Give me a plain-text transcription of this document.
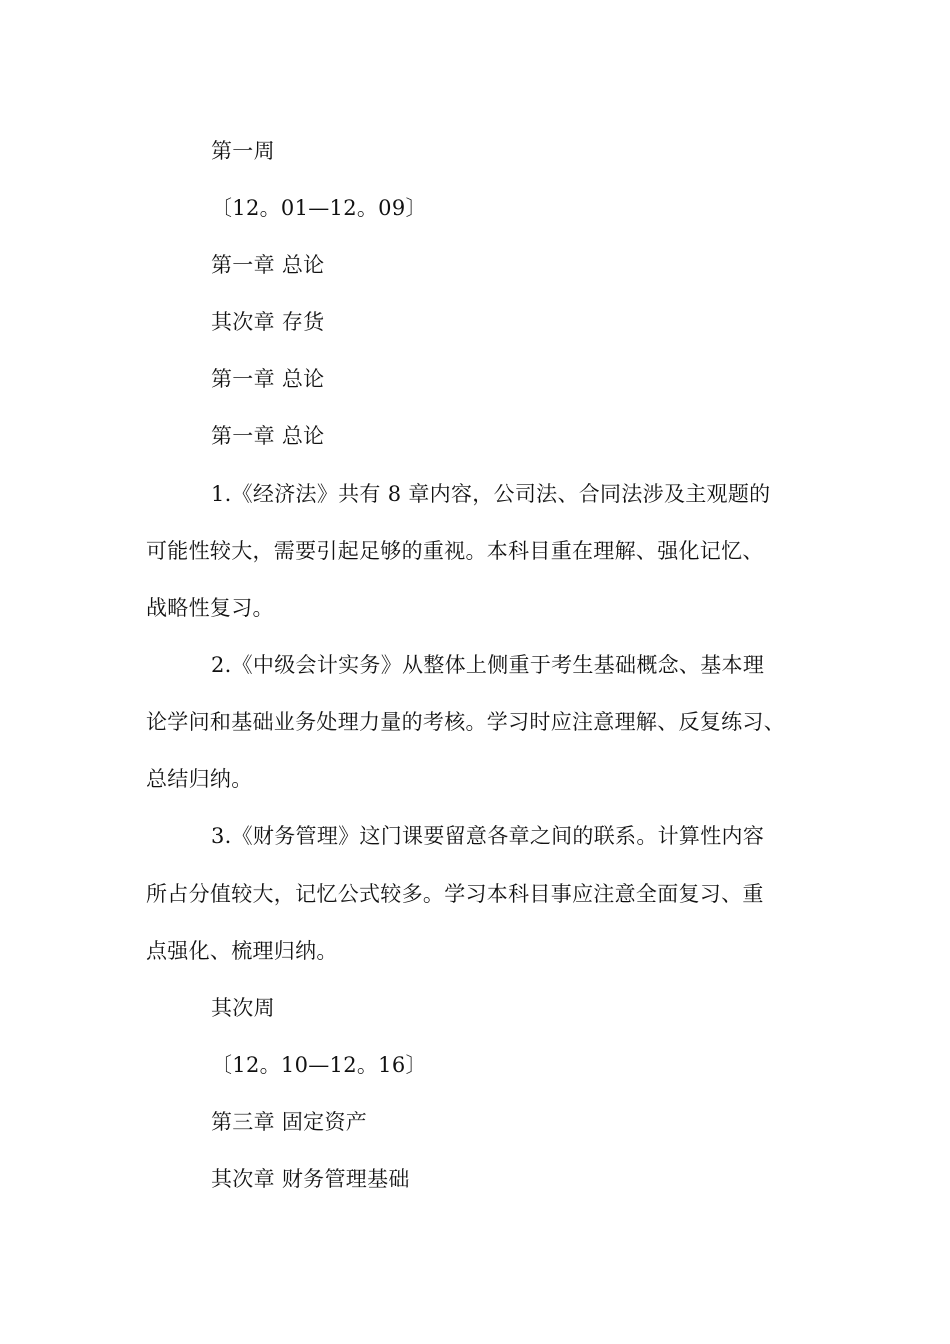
第一周
〔12。01—12。09〕
第一章 总论
其次章 存货
第一章 总论
第一章 总论
1.《经济法》共有 8 章内容，公司法、合同法涉及主观题的
可能性较大，需要引起足够的重视。本科目重在理解、强化记忆、
战略性复习。
2.《中级会计实务》从整体上侧重于考生基础概念、基本理
论学问和基础业务处理力量的考核。学习时应注意理解、反复练习、
总结归纳。
3.《财务管理》这门课要留意各章之间的联系。计算性内容
所占分值较大，记忆公式较多。学习本科目事应注意全面复习、重
点强化、梳理归纳。
其次周
〔12。10—12。16〕
第三章 固定资产
其次章 财务管理基础
